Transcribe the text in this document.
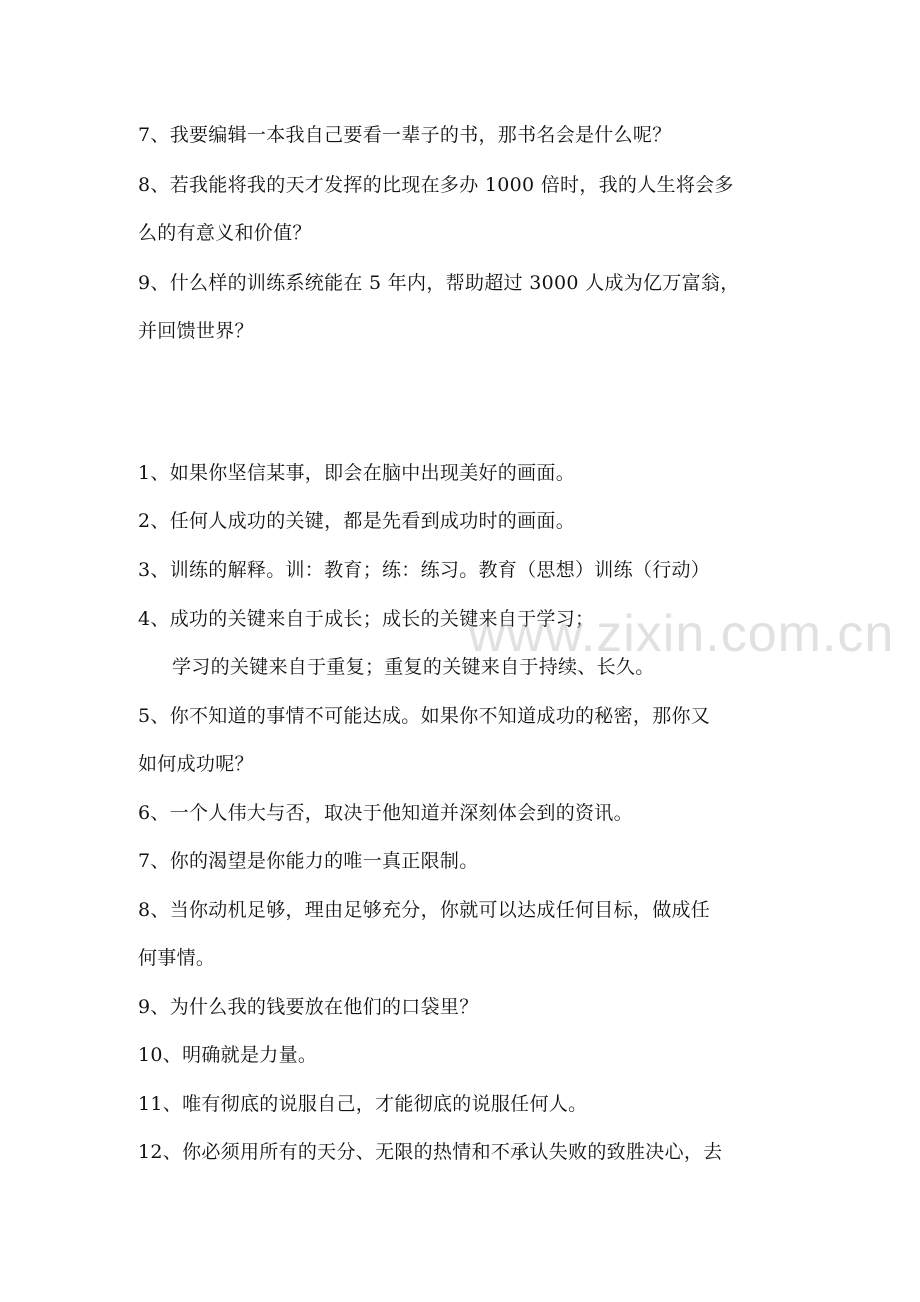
7、我要编辑一本我自己要看一辈子的书，那书名会是什么呢？
8、若我能将我的天才发挥的比现在多办 1000 倍时，我的人生将会多
么的有意义和价值？
9、什么样的训练系统能在 5 年内，帮助超过 3000 人成为亿万富翁，
并回馈世界？
1、如果你坚信某事，即会在脑中出现美好的画面。
2、任何人成功的关键，都是先看到成功时的画面。
3、训练的解释。训：教育；练：练习。教育（思想）训练（行动）
4、成功的关键来自于成长；成长的关键来自于学习；
学习的关键来自于重复；重复的关键来自于持续、长久。
5、你不知道的事情不可能达成。如果你不知道成功的秘密，那你又
如何成功呢？
6、一个人伟大与否，取决于他知道并深刻体会到的资讯。
7、你的渴望是你能力的唯一真正限制。
8、当你动机足够，理由足够充分，你就可以达成任何目标，做成任
何事情。
9、为什么我的钱要放在他们的口袋里？
10、明确就是力量。
11、唯有彻底的说服自己，才能彻底的说服任何人。
12、你必须用所有的天分、无限的热情和不承认失败的致胜决心，去
www.zixin.com.cn
